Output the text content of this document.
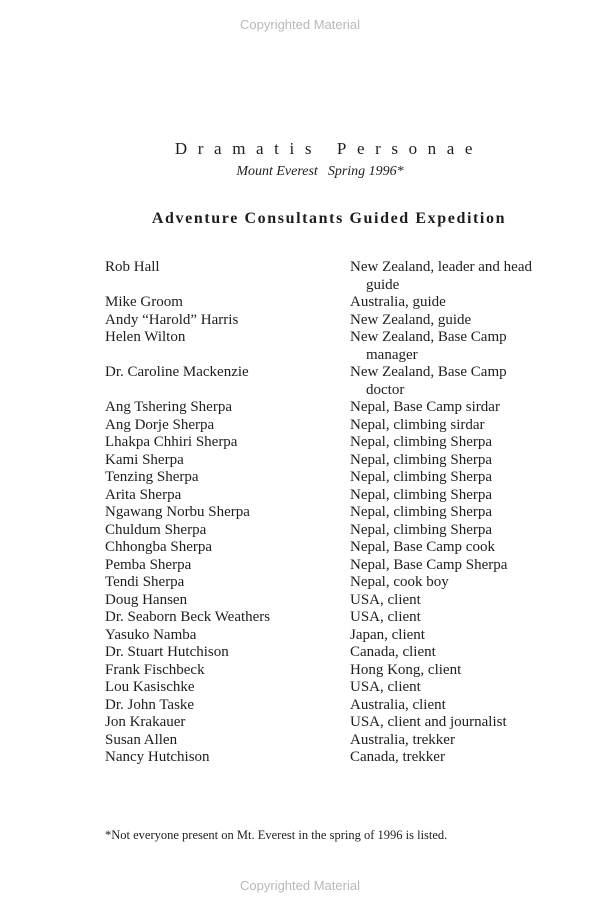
Copyrighted Material
Dramatis Personae
Mount Everest Spring 1996*
Adventure Consultants Guided Expedition
Rob Hall	New Zealand, leader and head
guide
Mike Groom	Australia, guide
Andy “Harold” Harris	New Zealand, guide
Helen Wilton	New Zealand, Base Camp
manager
Dr. Caroline Mackenzie	New Zealand, Base Camp
doctor
Ang Tshering Sherpa	Nepal, Base Camp sirdar
Ang Dorje Sherpa	Nepal, climbing sirdar
Lhakpa Chhiri Sherpa	Nepal, climbing Sherpa
Kami Sherpa	Nepal, climbing Sherpa
Tenzing Sherpa	Nepal, climbing Sherpa
Arita Sherpa	Nepal, climbing Sherpa
Ngawang Norbu Sherpa	Nepal, climbing Sherpa
Chuldum Sherpa	Nepal, climbing Sherpa
Chhongba Sherpa	Nepal, Base Camp cook
Pemba Sherpa	Nepal, Base Camp Sherpa
Tendi Sherpa	Nepal, cook boy
Doug Hansen	USA, client
Dr. Seaborn Beck Weathers	USA, client
Yasuko Namba	Japan, client
Dr. Stuart Hutchison	Canada, client
Frank Fischbeck	Hong Kong, client
Lou Kasischke	USA, client
Dr. John Taske	Australia, client
Jon Krakauer	USA, client and journalist
Susan Allen	Australia, trekker
Nancy Hutchison	Canada, trekker
*Not everyone present on Mt. Everest in the spring of 1996 is listed.
Copyrighted Material
